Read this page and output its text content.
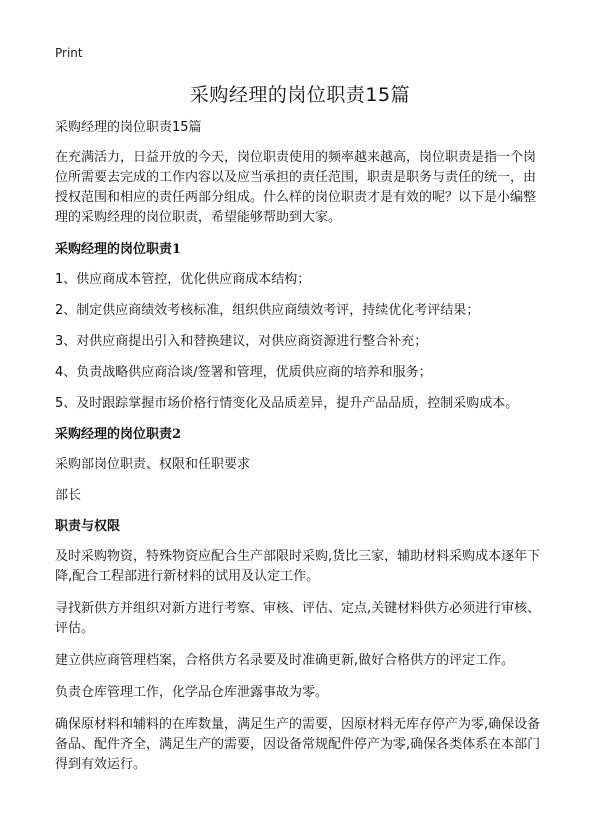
Print
采购经理的岗位职责15篇

采购经理的岗位职责15篇

在充满活力，日益开放的今天，岗位职责使用的频率越来越高，岗位职责是指一个岗位所需要去完成的工作内容以及应当承担的责任范围，职责是职务与责任的统一，由授权范围和相应的责任两部分组成。什么样的岗位职责才是有效的呢？以下是小编整理的采购经理的岗位职责，希望能够帮助到大家。

采购经理的岗位职责1

1、供应商成本管控，优化供应商成本结构；

2、制定供应商绩效考核标准，组织供应商绩效考评，持续优化考评结果；

3、对供应商提出引入和替换建议，对供应商资源进行整合补充；

4、负责战略供应商洽谈/签署和管理，优质供应商的培养和服务；

5、及时跟踪掌握市场价格行情变化及品质差异，提升产品品质，控制采购成本。

采购经理的岗位职责2

采购部岗位职责、权限和任职要求

部长

职责与权限

及时采购物资，特殊物资应配合生产部限时采购,货比三家，辅助材料采购成本逐年下降,配合工程部进行新材料的试用及认定工作。

寻找新供方并组织对新方进行考察、审核、评估、定点,关键材料供方必须进行审核、评估。

建立供应商管理档案，合格供方名录要及时准确更新,做好合格供方的评定工作。

负责仓库管理工作，化学品仓库泄露事故为零。

确保原材料和辅料的在库数量，满足生产的需要，因原材料无库存停产为零,确保设备备品、配件齐全，满足生产的需要，因设备常规配件停产为零,确保各类体系在本部门得到有效运行。
